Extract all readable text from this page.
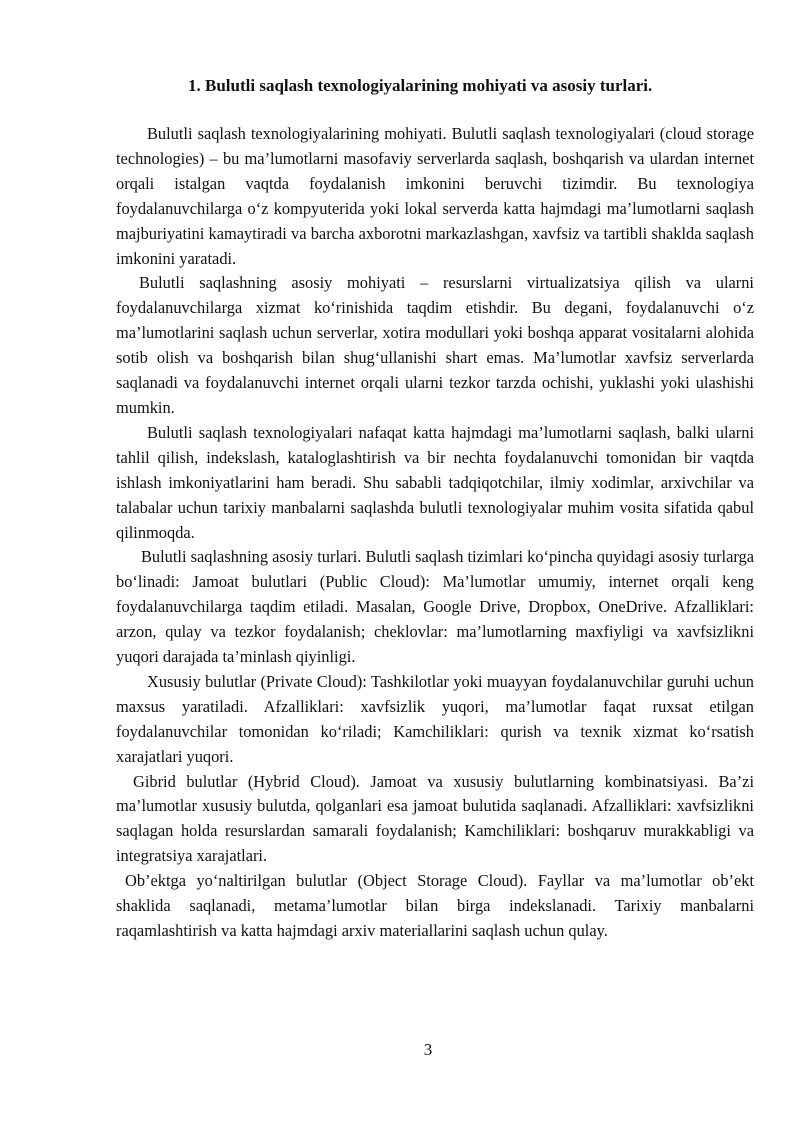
1. Bulutli saqlash texnologiyalarining mohiyati va asosiy turlari.

Bulutli saqlash texnologiyalarining mohiyati. Bulutli saqlash texnologiyalari (cloud storage technologies) – bu ma’lumotlarni masofaviy serverlarda saqlash, boshqarish va ulardan internet orqali istalgan vaqtda foydalanish imkonini beruvchi tizimdir. Bu texnologiya foydalanuvchilarga o‘z kompyuterida yoki lokal serverda katta hajmdagi ma’lumotlarni saqlash majburiyatini kamaytiradi va barcha axborotni markazlashgan, xavfsiz va tartibli shaklda saqlash imkonini yaratadi.

Bulutli saqlashning asosiy mohiyati – resurslarni virtualizatsiya qilish va ularni foydalanuvchilarga xizmat ko‘rinishida taqdim etishdir. Bu degani, foydalanuvchi o‘z ma’lumotlarini saqlash uchun serverlar, xotira modullari yoki boshqa apparat vositalarni alohida sotib olish va boshqarish bilan shug‘ullanishi shart emas. Ma’lumotlar xavfsiz serverlarda saqlanadi va foydalanuvchi internet orqali ularni tezkor tarzda ochishi, yuklashi yoki ulashishi mumkin.

Bulutli saqlash texnologiyalari nafaqat katta hajmdagi ma’lumotlarni saqlash, balki ularni tahlil qilish, indekslash, kataloglashtirish va bir nechta foydalanuvchi tomonidan bir vaqtda ishlash imkoniyatlarini ham beradi. Shu sababli tadqiqotchilar, ilmiy xodimlar, arxivchilar va talabalar uchun tarixiy manbalarni saqlashda bulutli texnologiyalar muhim vosita sifatida qabul qilinmoqda.

Bulutli saqlashning asosiy turlari. Bulutli saqlash tizimlari ko‘pincha quyidagi asosiy turlarga bo‘linadi: Jamoat bulutlari (Public Cloud): Ma’lumotlar umumiy, internet orqali keng foydalanuvchilarga taqdim etiladi. Masalan, Google Drive, Dropbox, OneDrive. Afzalliklari: arzon, qulay va tezkor foydalanish; cheklovlar: ma’lumotlarning maxfiyligi va xavfsizlikni yuqori darajada ta’minlash qiyinligi.

Xususiy bulutlar (Private Cloud): Tashkilotlar yoki muayyan foydalanuvchilar guruhi uchun maxsus yaratiladi. Afzalliklari: xavfsizlik yuqori, ma’lumotlar faqat ruxsat etilgan foydalanuvchilar tomonidan ko‘riladi; Kamchiliklari: qurish va texnik xizmat ko‘rsatish xarajatlari yuqori.

Gibrid bulutlar (Hybrid Cloud). Jamoat va xususiy bulutlarning kombinatsiyasi. Ba’zi ma’lumotlar xususiy bulutda, qolganlari esa jamoat bulutida saqlanadi. Afzalliklari: xavfsizlikni saqlagan holda resurslardan samarali foydalanish; Kamchiliklari: boshqaruv murakkabligi va integratsiya xarajatlari.

Ob’ektga yo‘naltirilgan bulutlar (Object Storage Cloud). Fayllar va ma’lumotlar ob’ekt shaklida saqlanadi, metama’lumotlar bilan birga indekslanadi. Tarixiy manbalarni raqamlashtirish va katta hajmdagi arxiv materiallarini saqlash uchun qulay.

3
